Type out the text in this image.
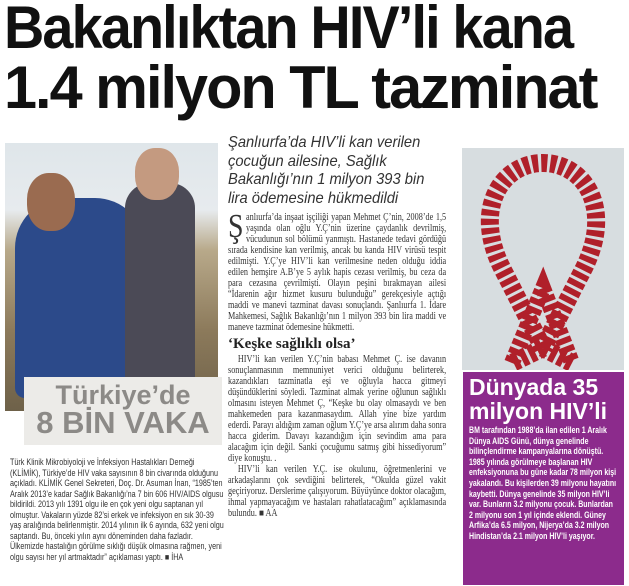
Bakanlıktan HIV’li kana
1.4 milyon TL tazminat
Şanlıurfa’da HIV’li kan verilen çocuğun ailesine, Sağlık Bakanlığı’nın 1 milyon 393 bin lira ödemesine hükmedildi
Şanlıurfa’da inşaat işçiliği yapan Mehmet Ç’nin, 2008’de 1,5 yaşında olan oğlu Y.Ç’nin üzerine çaydanlık devrilmiş, vücudunun sol bölümü yanmıştı. Hastanede tedavi gördüğü sırada kendisine kan verilmiş, ancak bu kanda HIV virüsü tespit edilmişti. Y.Ç’ye HIV’li kan verilmesine neden olduğu iddia edilen hemşire A.B’ye 5 aylık hapis cezası verilmiş, bu ceza da para cezasına çevrilmişti. Olayın peşini bırakmayan ailesi “İdarenin ağır hizmet kusuru bulunduğu” gerekçesiyle açtığı maddi ve manevi tazminat davası sonuçlandı. Şanlıurfa 1. İdare Mahkemesi, Sağlık Bakanlığı’nın 1 milyon 393 bin lira maddi ve maneve tazminat ödemesine hükmetti.
‘Keşke sağlıklı olsa’

HIV’li kan verilen Y.Ç’nin babası Mehmet Ç. ise davanın sonuçlanmasının memnuniyet verici olduğunu belirterek, kazandıkları tazminatla eşi ve oğluyla hacca gitmeyi düşündüklerini söyledi. Tazminat almak yerine oğlunun sağlıklı olmasını isteyen Mehmet Ç, “Keşke bu olay olmasaydı ve ben mahkemeden para kazanmasaydım. Allah yine bize yardım ederdi. Parayı aldığım zaman oğlum Y.Ç’ye arsa alırım daha sonra hacca giderim. Davayı kazandığım için sevindim ama para alacağım için değil. Sanki çocuğumu satmış gibi hissediyorum” diye konuştu. .

HIV’li kan verilen Y.Ç. ise okulunu, öğretmenlerini ve arkadaşlarını çok sevdiğini belirterek, “Okulda güzel vakit geçiriyoruz. Derslerime çalışıyorum. Büyüyünce doktor olacağım, ihmal yapmayacağım ve hastaları rahatlatacağım” açıklamasında bulundu. ■ AA

Türkiye’de
8 BİN VAKA
Türk Klinik Mikrobiyoloji ve İnfeksiyon Hastalıkları Derneği (KLİMİK), Türkiye’de HIV vaka sayısının 8 bin civarında olduğunu açıkladı. KLİMİK Genel Sekreteri, Doç. Dr. Asuman İnan, “1985’ten Aralık 2013’e kadar Sağlık Bakanlığı’na 7 bin 606 HIV/AIDS olgusu bildirildi. 2013 yılı 1391 olgu ile en çok yeni olgu saptanan yıl olmuştur. Vakaların yüzde 82’si erkek ve infeksiyon en sık 30-39 yaş aralığında belirlenmiştir. 2014 yılının ilk 6 ayında, 632 yeni olgu saptandı. Bu, önceki yılın aynı döneminden daha fazladır. Ülkemizde hastalığın görülme sıklığı düşük olmasına rağmen, yeni olgu sayısı her yıl artmaktadır” açıklaması yaptı. ■ İHA
Dünyada 35 milyon HIV’li

BM tarafından 1988’da ilan edilen 1 Aralık Dünya AIDS Günü, dünya genelinde bilinçlendirme kampanyalarına dönüştü. 1985 yılında görülmeye başlanan HIV enfeksiyonuna bu güne kadar 78 milyon kişi yakalandı. Bu kişilerden 39 milyonu hayatını kaybetti. Dünya genelinde 35 milyon HIV’li var. Bunların 3.2 milyonu çocuk. Bunlardan 2 milyonu son 1 yıl içinde eklendi. Güney Arfika’da 6.5 milyon, Nijerya’da 3.2 milyon Hindistan’da 2.1 milyon HIV’li yaşıyor.
